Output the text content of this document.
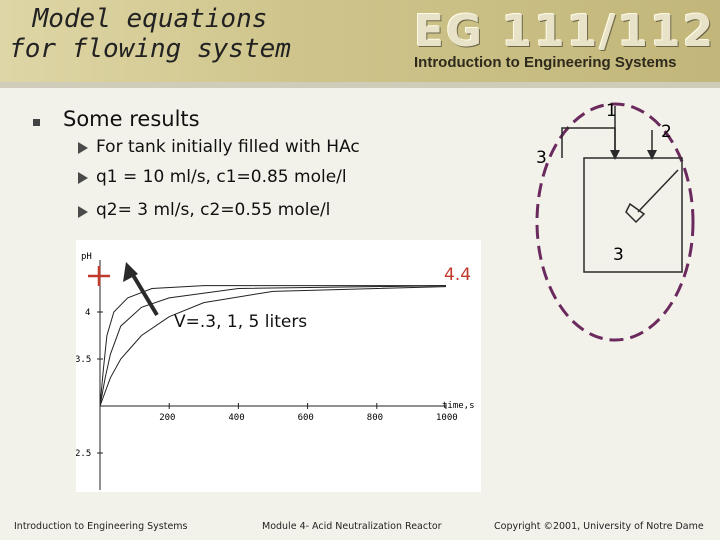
Model equations
for flowing system	EG 111/112
Introduction to Engineering Systems
Some results
For tank initially filled with HAc
q1 = 10 ml/s, c1=0.85 mole/l
q2= 3 ml/s, c2=0.55 mole/l
pH
time,s
200	400	600	800	1000
4
3.5
2.5
4.4
V=.3, 1, 5 liters
1
2
3
3
Introduction to Engineering Systems	Module 4- Acid Neutralization Reactor	Copyright ©2001, University of Notre Dame
